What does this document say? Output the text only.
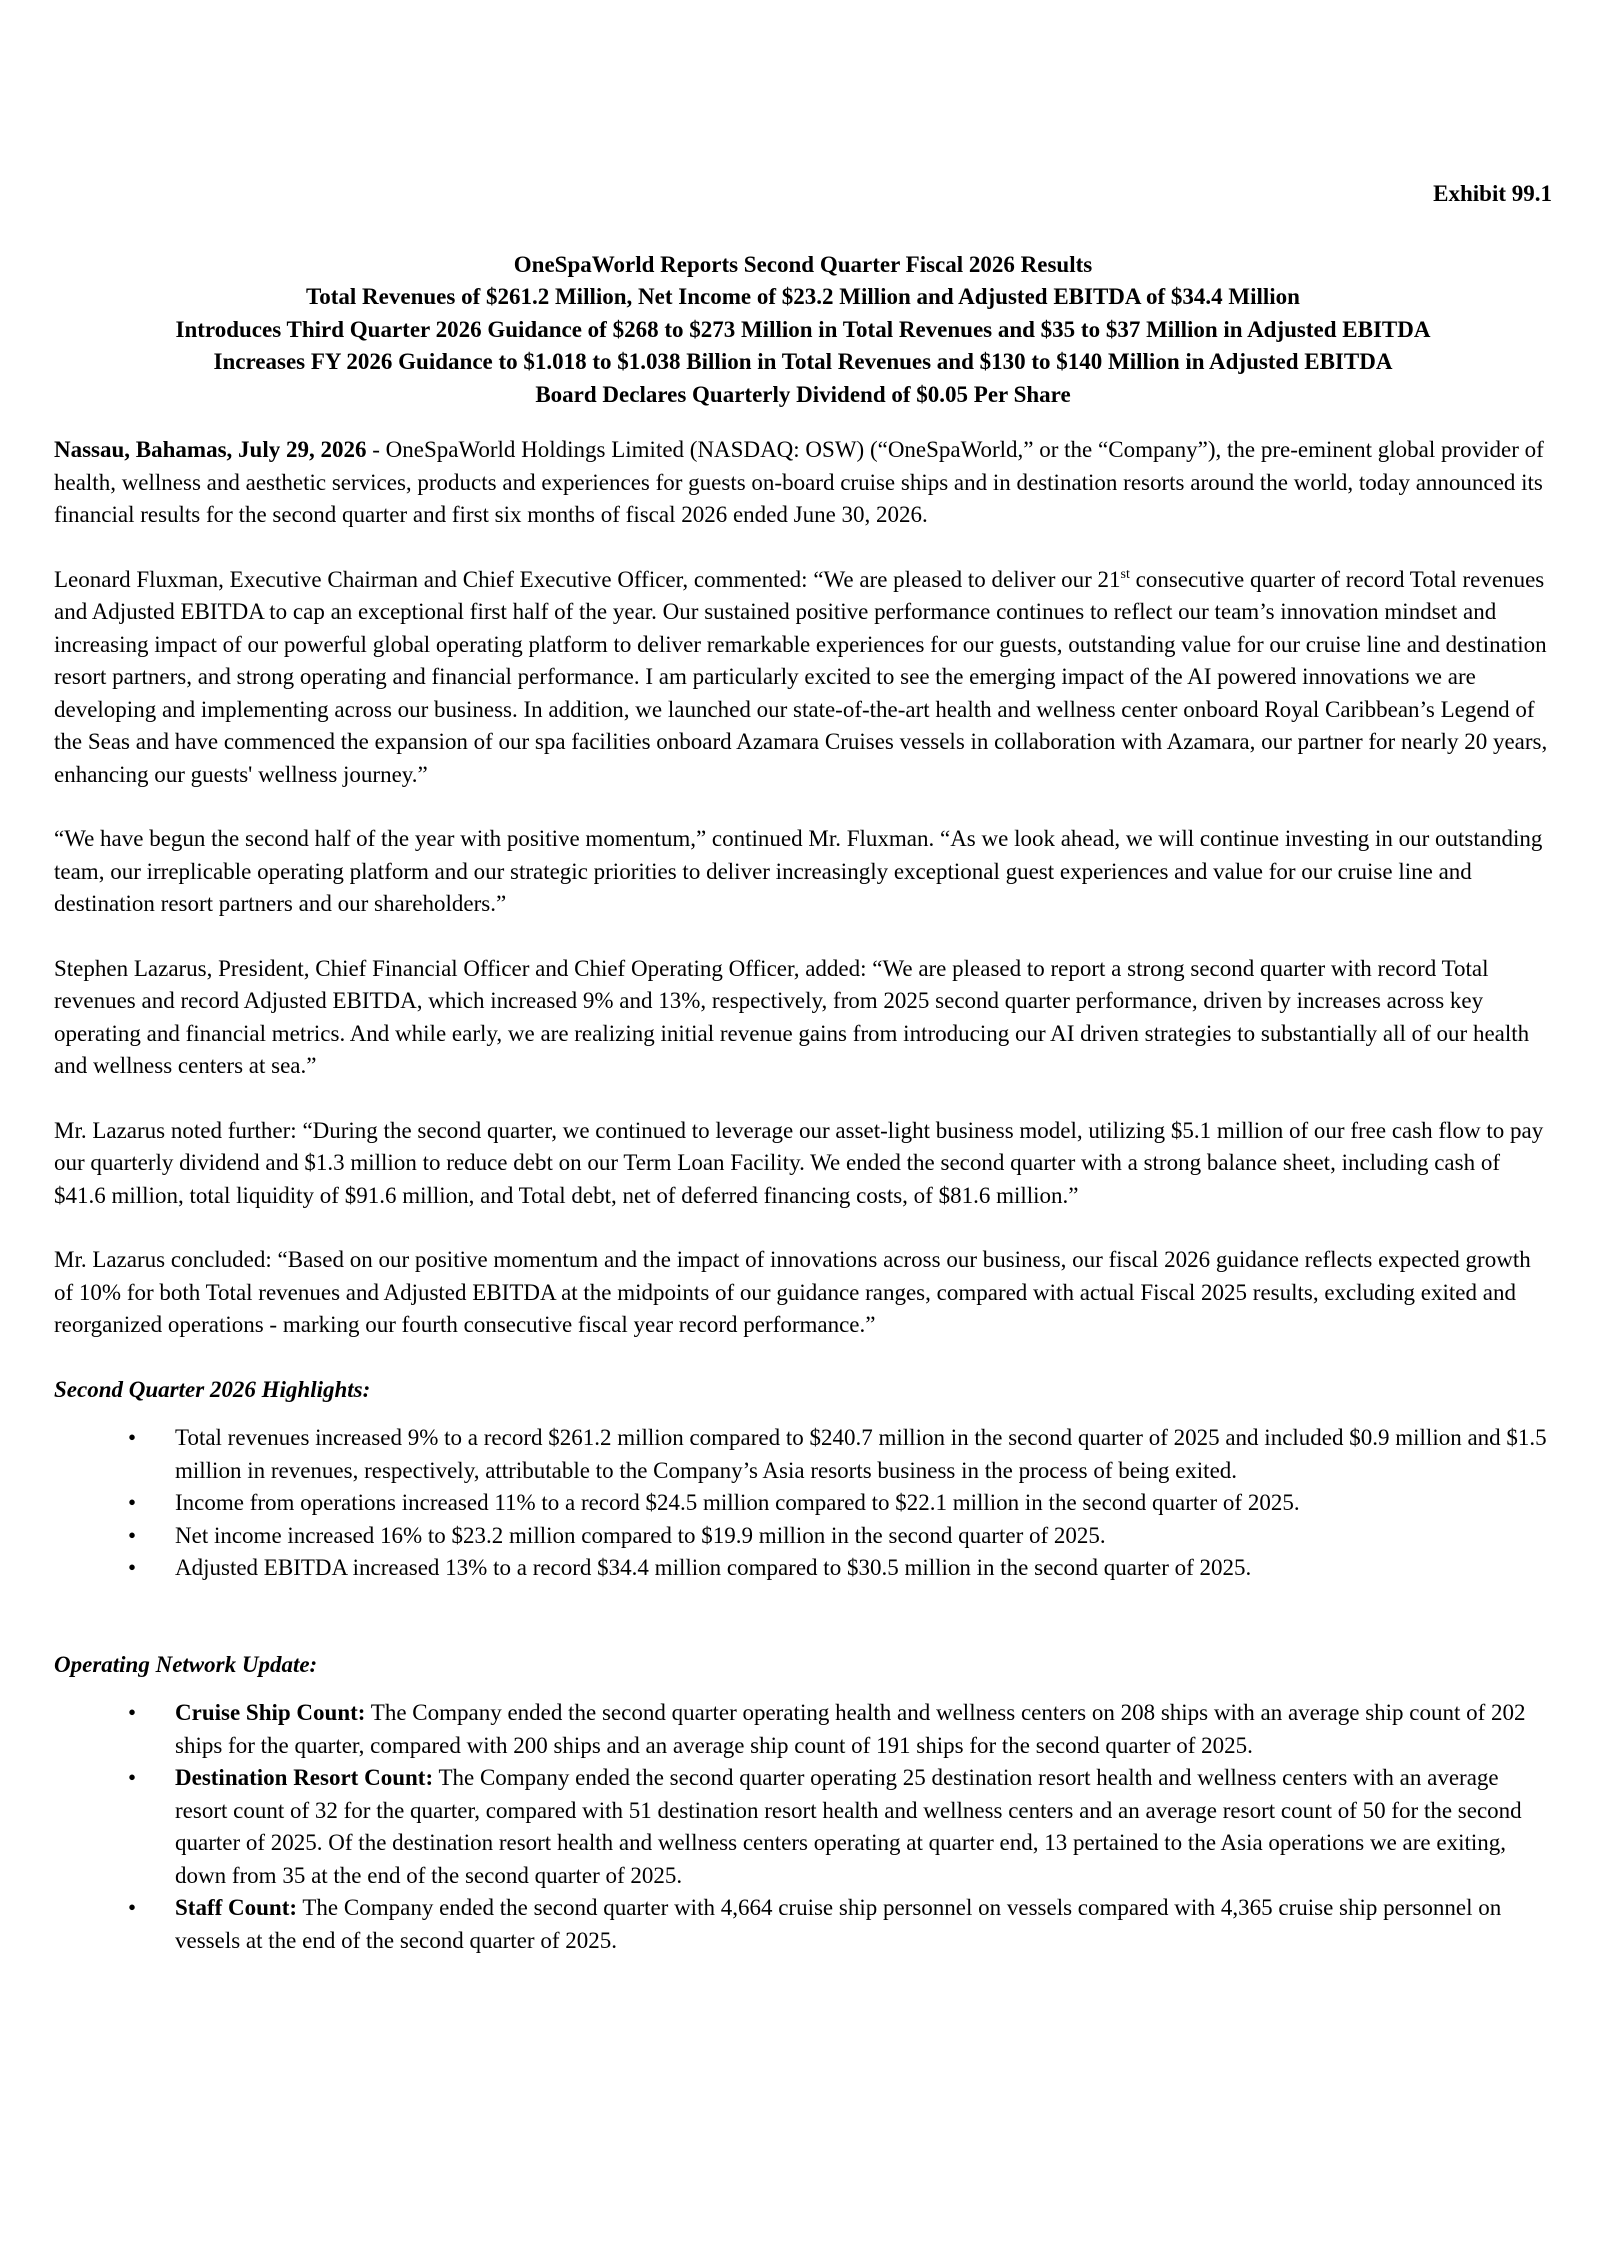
Exhibit 99.1
OneSpaWorld Reports Second Quarter Fiscal 2026 Results
Total Revenues of $261.2 Million, Net Income of $23.2 Million and Adjusted EBITDA of $34.4 Million
Introduces Third Quarter 2026 Guidance of $268 to $273 Million in Total Revenues and $35 to $37 Million in Adjusted EBITDA
Increases FY 2026 Guidance to $1.018 to $1.038 Billion in Total Revenues and $130 to $140 Million in Adjusted EBITDA
Board Declares Quarterly Dividend of $0.05 Per Share

Nassau, Bahamas, July 29, 2026 - OneSpaWorld Holdings Limited (NASDAQ: OSW) (“OneSpaWorld,” or the “Company”), the pre-eminent global provider of health, wellness and aesthetic services, products and experiences for guests on-board cruise ships and in destination resorts around the world, today announced its financial results for the second quarter and first six months of fiscal 2026 ended June 30, 2026.

Leonard Fluxman, Executive Chairman and Chief Executive Officer, commented: “We are pleased to deliver our 21st consecutive quarter of record Total revenues and Adjusted EBITDA to cap an exceptional first half of the year. Our sustained positive performance continues to reflect our team’s innovation mindset and increasing impact of our powerful global operating platform to deliver remarkable experiences for our guests, outstanding value for our cruise line and destination resort partners, and strong operating and financial performance. I am particularly excited to see the emerging impact of the AI powered innovations we are developing and implementing across our business. In addition, we launched our state-of-the-art health and wellness center onboard Royal Caribbean’s Legend of the Seas and have commenced the expansion of our spa facilities onboard Azamara Cruises vessels in collaboration with Azamara, our partner for nearly 20 years, enhancing our guests' wellness journey.”

“We have begun the second half of the year with positive momentum,” continued Mr. Fluxman. “As we look ahead, we will continue investing in our outstanding team, our irreplicable operating platform and our strategic priorities to deliver increasingly exceptional guest experiences and value for our cruise line and destination resort partners and our shareholders.”

Stephen Lazarus, President, Chief Financial Officer and Chief Operating Officer, added: “We are pleased to report a strong second quarter with record Total revenues and record Adjusted EBITDA, which increased 9% and 13%, respectively, from 2025 second quarter performance, driven by increases across key operating and financial metrics. And while early, we are realizing initial revenue gains from introducing our AI driven strategies to substantially all of our health and wellness centers at sea.”

Mr. Lazarus noted further: “During the second quarter, we continued to leverage our asset-light business model, utilizing $5.1 million of our free cash flow to pay our quarterly dividend and $1.3 million to reduce debt on our Term Loan Facility. We ended the second quarter with a strong balance sheet, including cash of $41.6 million, total liquidity of $91.6 million, and Total debt, net of deferred financing costs, of $81.6 million.”

Mr. Lazarus concluded: “Based on our positive momentum and the impact of innovations across our business, our fiscal 2026 guidance reflects expected growth of 10% for both Total revenues and Adjusted EBITDA at the midpoints of our guidance ranges, compared with actual Fiscal 2025 results, excluding exited and reorganized operations - marking our fourth consecutive fiscal year record performance.”

Second Quarter 2026 Highlights:
• Total revenues increased 9% to a record $261.2 million compared to $240.7 million in the second quarter of 2025 and included $0.9 million and $1.5 million in revenues, respectively, attributable to the Company’s Asia resorts business in the process of being exited.
• Income from operations increased 11% to a record $24.5 million compared to $22.1 million in the second quarter of 2025.
• Net income increased 16% to $23.2 million compared to $19.9 million in the second quarter of 2025.
• Adjusted EBITDA increased 13% to a record $34.4 million compared to $30.5 million in the second quarter of 2025.
Operating Network Update:
• Cruise Ship Count: The Company ended the second quarter operating health and wellness centers on 208 ships with an average ship count of 202 ships for the quarter, compared with 200 ships and an average ship count of 191 ships for the second quarter of 2025.
• Destination Resort Count: The Company ended the second quarter operating 25 destination resort health and wellness centers with an average resort count of 32 for the quarter, compared with 51 destination resort health and wellness centers and an average resort count of 50 for the second quarter of 2025. Of the destination resort health and wellness centers operating at quarter end, 13 pertained to the Asia operations we are exiting, down from 35 at the end of the second quarter of 2025.
• Staff Count: The Company ended the second quarter with 4,664 cruise ship personnel on vessels compared with 4,365 cruise ship personnel on vessels at the end of the second quarter of 2025.
